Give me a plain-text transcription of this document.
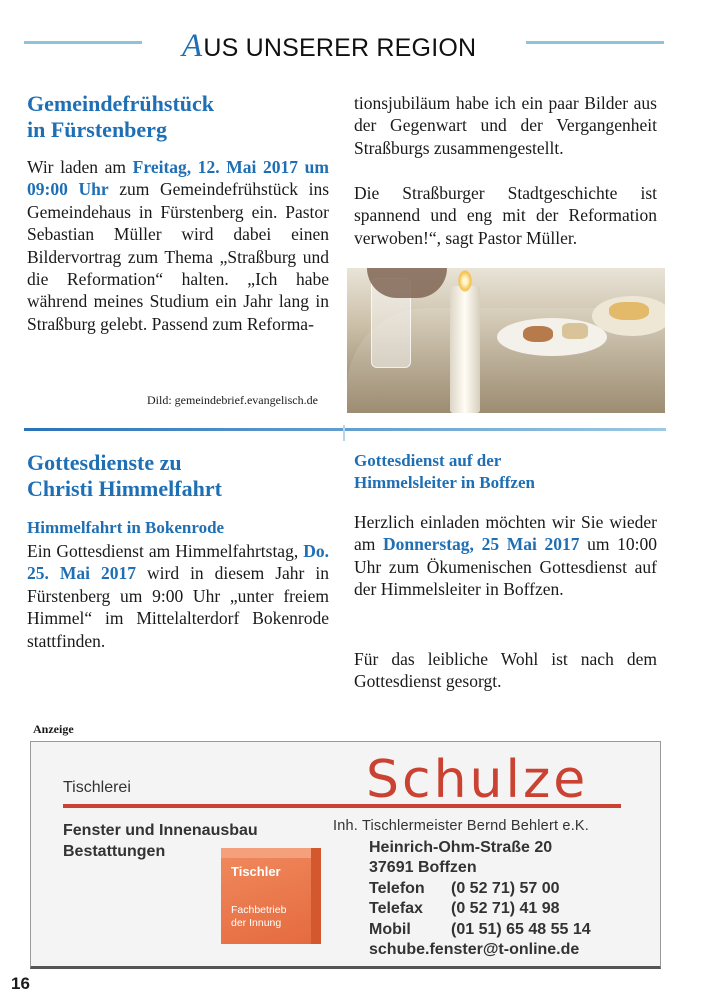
AUS UNSERER REGION
Gemeindefrühstück
in Fürstenberg

Wir laden am Freitag, 12. Mai 2017 um 09:00 Uhr zum Gemeindefrühstück ins Gemeindehaus in Fürstenberg ein. Pastor Sebastian Müller wird dabei einen Bildervortrag zum Thema „Straßburg und die Reformation“ halten. „Ich habe während meines Studium ein Jahr lang in Straßburg gelebt. Passend zum Reforma-

tionsjubiläum habe ich ein paar Bilder aus der Gegenwart und der Vergangenheit Straßburgs zusammengestellt.

Die Straßburger Stadtgeschichte ist spannend und eng mit der Reformation verwoben!“, sagt Pastor Müller.

Dild: gemeindebrief.evangelisch.de
Gottesdienste zu
Christi Himmelfahrt
Himmelfahrt in Bokenrode

Ein Gottesdienst am Himmelfahrtstag, Do. 25. Mai 2017 wird in diesem Jahr in Fürstenberg um 9:00 Uhr „unter freiem Himmel“ im Mittelalterdorf Bokenrode stattfinden.

Gottesdienst auf der
Himmelsleiter in Boffzen

Herzlich einladen möchten wir Sie wieder am Donnerstag, 25 Mai 2017 um 10:00 Uhr zum Ökumenischen Gottesdienst auf der Himmelsleiter in Boffzen.

Für das leibliche Wohl ist nach dem Gottesdienst gesorgt.

Anzeige
Tischlerei	Schulze
Fenster und Innenausbau
Bestattungen
Inh. Tischlermeister Bernd Behlert e.K.
Heinrich-Ohm-Straße 20
37691 Boffzen
Telefon (0 52 71) 57 00
Telefax (0 52 71) 41 98
Mobil	(01 51) 65 48 55 14
schube.fenster@t-online.de
Tischler
Fachbetrieb
der Innung
16
